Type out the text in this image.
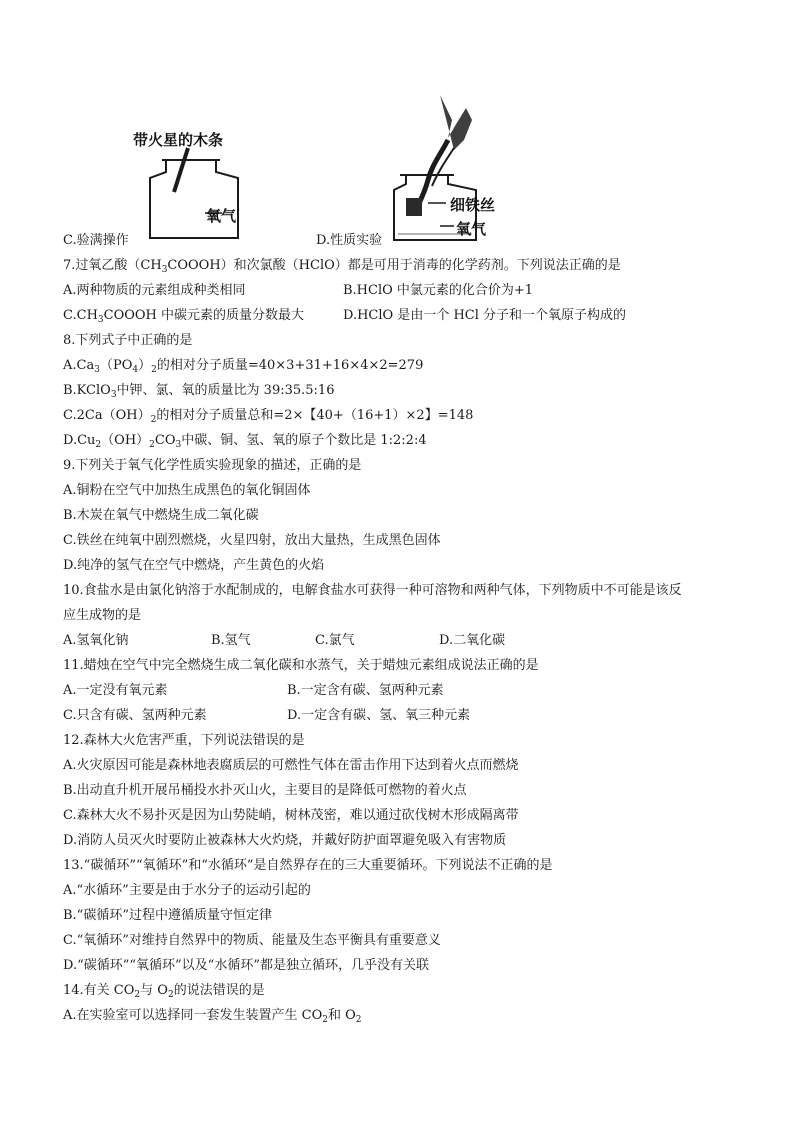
带火星的木条
氧气
细铁丝
氧气
C.验满操作	D.性质实验
7.过氧乙酸$(CH_3COOOH)$和次氯酸（HClO）都是可用于消毒的化学药剂。下列说法正确的是
A.两种物质的元素组成种类相同	B.HClO 中氯元素的化合价为+1
$C.CH_3COOOH$ 中碳元素的质量分数最大	D.HClO 是由一个 HCl 分子和一个氧原子构成的
8.下列式子中正确的是
$A.Ca_3(PO_4)_2$的相对分子质量=40×3+31+16×4×2=279
B.KClO$_3$中钾、氯、氧的质量比为 39:35.5:16
$C.2Ca(OH)_2$的相对分子质量总和=2×【40+（16+1）×2】=148
$D.Cu_2(OH)_2CO_3$中碳、铜、氢、氧的原子个数比是 1:2:2:4
9.下列关于氧气化学性质实验现象的描述，正确的是
A.铜粉在空气中加热生成黑色的氧化铜固体
B.木炭在氧气中燃烧生成二氧化碳
C.铁丝在纯氧中剧烈燃烧，火星四射，放出大量热，生成黑色固体
D.纯净的氢气在空气中燃烧，产生黄色的火焰
10.食盐水是由氯化钠溶于水配制成的，电解食盐水可获得一种可溶物和两种气体，下列物质中不可能是该反
应生成物的是
A.氢氧化钠	B.氢气	C.氯气	D.二氧化碳
11.蜡烛在空气中完全燃烧生成二氧化碳和水蒸气，关于蜡烛元素组成说法正确的是
A.一定没有氧元素	B.一定含有碳、氢两种元素
C.只含有碳、氢两种元素	D.一定含有碳、氢、氧三种元素
12.森林大火危害严重，下列说法错误的是
A.火灾原因可能是森林地表腐质层的可燃性气体在雷击作用下达到着火点而燃烧
B.出动直升机开展吊桶投水扑灭山火，主要目的是降低可燃物的着火点
C.森林大火不易扑灭是因为山势陡峭，树林茂密，难以通过砍伐树木形成隔离带
D.消防人员灭火时要防止被森林大火灼烧，并戴好防护面罩避免吸入有害物质
13.“碳循环”“氧循环”和“水循环”是自然界存在的三大重要循环。下列说法不正确的是
A.“水循环”主要是由于水分子的运动引起的
B.“碳循环”过程中遵循质量守恒定律
C.“氧循环”对维持自然界中的物质、能量及生态平衡具有重要意义
D.“碳循环”“氧循环”以及“水循环”都是独立循环，几乎没有关联
14.有关 $CO_2$与 $O_2$的说法错误的是
A.在实验室可以选择同一套发生装置产生 $CO_2$和 $O_2$
